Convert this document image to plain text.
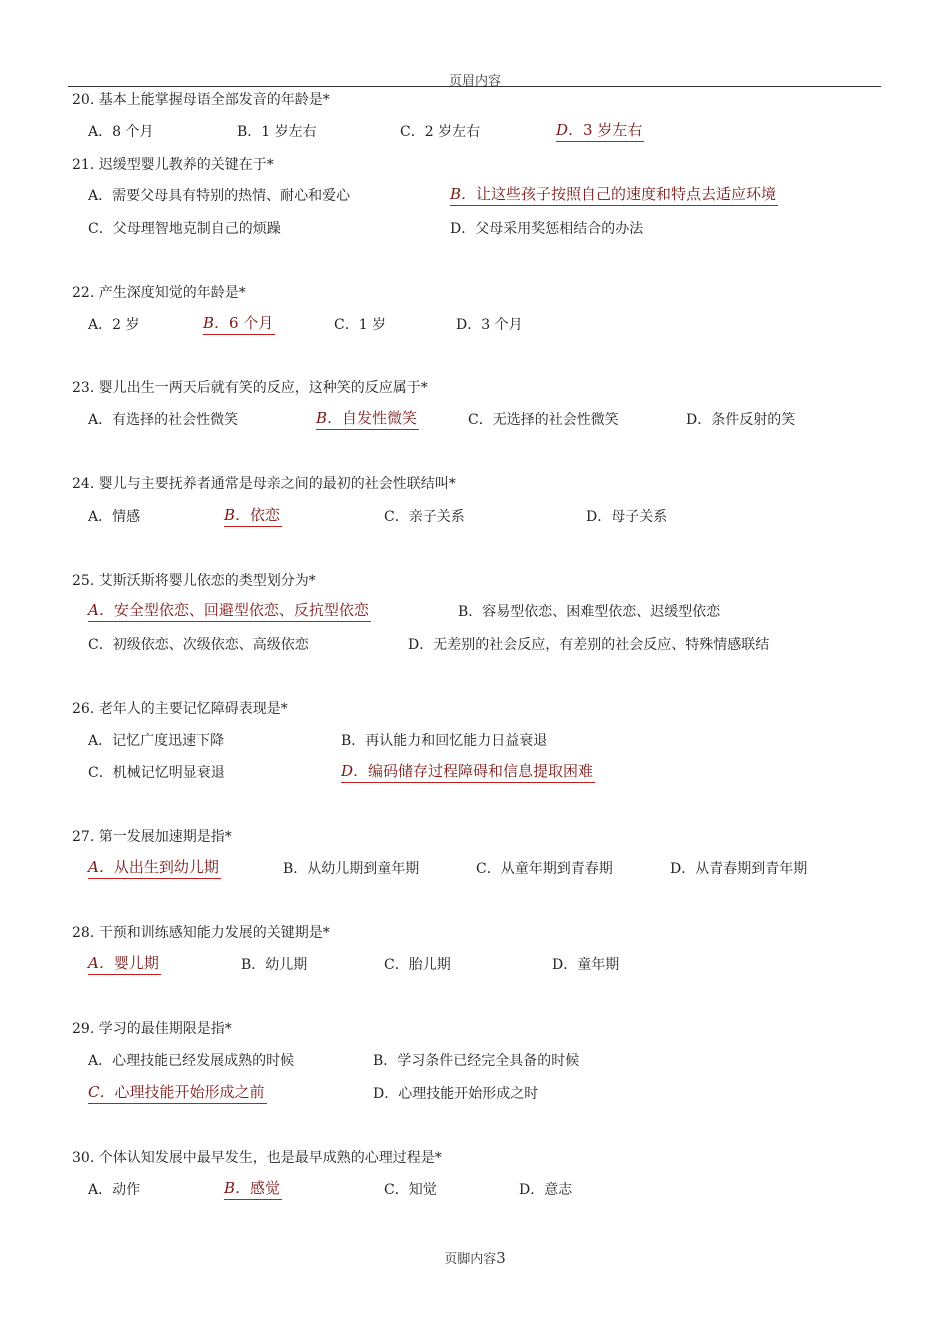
页眉内容
20. 基本上能掌握母语全部发音的年龄是*
A．8 个月	B．1 岁左右	C．2 岁左右	D．3 岁左右
21. 迟缓型婴儿教养的关键在于*
A．需要父母具有特别的热情、耐心和爱心	B．让这些孩子按照自己的速度和特点去适应环境
C．父母理智地克制自己的烦躁	D．父母采用奖惩相结合的办法
22. 产生深度知觉的年龄是*
A．2 岁	B．6 个月	C．1 岁	D．3 个月
23. 婴儿出生一两天后就有笑的反应，这种笑的反应属于*
A．有选择的社会性微笑	B．自发性微笑	C．无选择的社会性微笑	D．条件反射的笑
24. 婴儿与主要抚养者通常是母亲之间的最初的社会性联结叫*
A．情感	B．依恋	C．亲子关系	D．母子关系
25. 艾斯沃斯将婴儿依恋的类型划分为*
A．安全型依恋、回避型依恋、反抗型依恋	B．容易型依恋、困难型依恋、迟缓型依恋
C．初级依恋、次级依恋、高级依恋	D．无差别的社会反应，有差别的社会反应、特殊情感联结
26. 老年人的主要记忆障碍表现是*
A．记忆广度迅速下降	B．再认能力和回忆能力日益衰退
C．机械记忆明显衰退	D．编码储存过程障碍和信息提取困难
27. 第一发展加速期是指*
A．从出生到幼儿期	B．从幼儿期到童年期	C．从童年期到青春期	D．从青春期到青年期
28. 干预和训练感知能力发展的关键期是*
A．婴儿期	B．幼儿期	C．胎儿期	D．童年期
29. 学习的最佳期限是指*
A．心理技能已经发展成熟的时候	B．学习条件已经完全具备的时候
C．心理技能开始形成之前	D．心理技能开始形成之时
30. 个体认知发展中最早发生，也是最早成熟的心理过程是*
A．动作	B．感觉	C．知觉	D．意志
页脚内容3
